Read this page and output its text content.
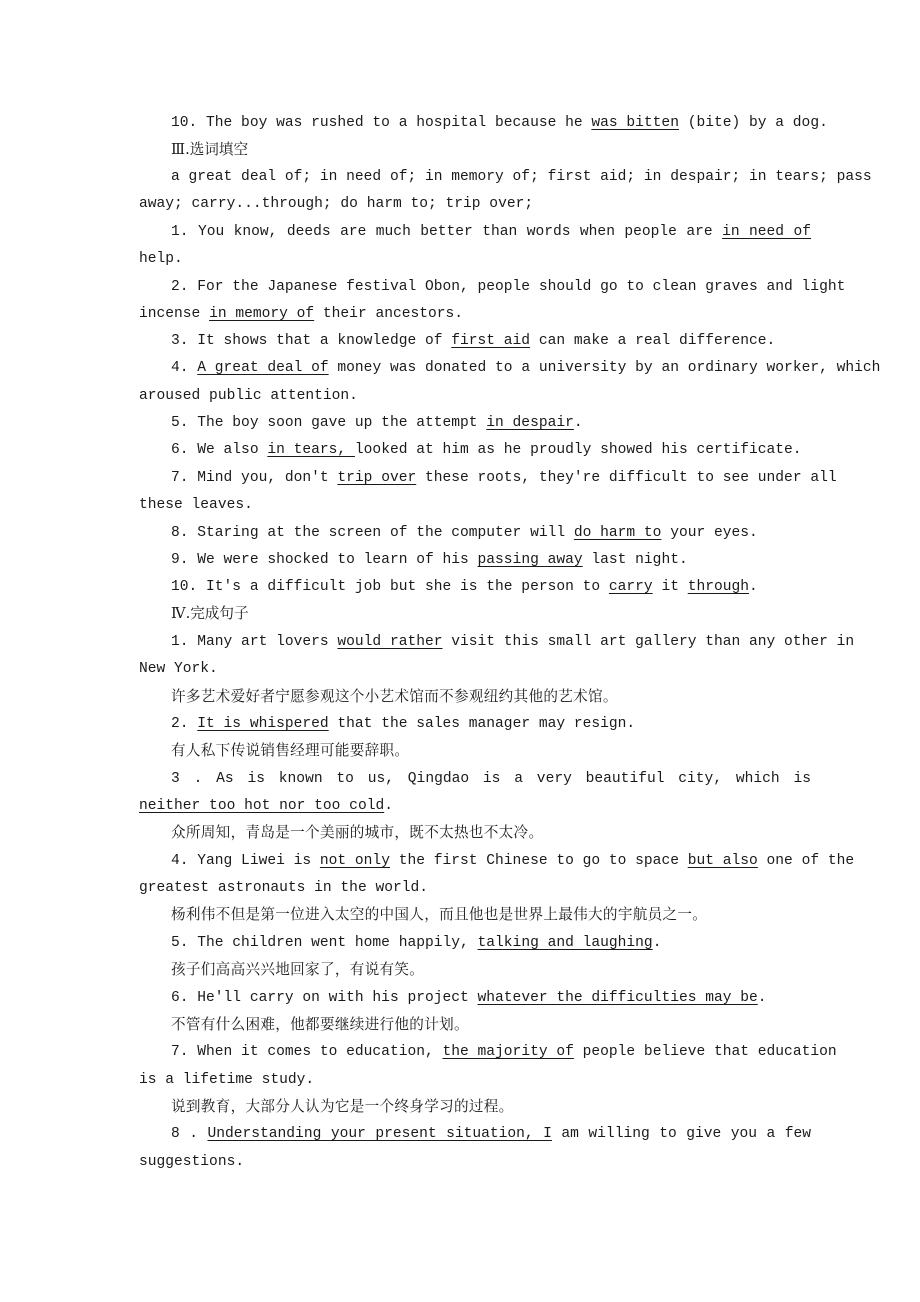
10. The boy was rushed to a hospital because he was bitten (bite) by a dog.
Ⅲ.选词填空
a great deal of; in need of; in memory of; first aid; in despair; in tears; pass
away; carry...through; do harm to; trip over;
1. You know, deeds are much better than words when people are in need of
help.
2. For the Japanese festival Obon, people should go to clean graves and light
incense in memory of their ancestors.
3. It shows that a knowledge of first aid can make a real difference.
4. A great deal of money was donated to a university by an ordinary worker, which
aroused public attention.
5. The boy soon gave up the attempt in despair.
6. We also in tears, looked at him as he proudly showed his certificate.
7. Mind you, don't trip over these roots, they're difficult to see under all
these leaves.
8. Staring at the screen of the computer will do harm to your eyes.
9. We were shocked to learn of his passing away last night.
10. It's a difficult job but she is the person to carry it through.
Ⅳ.完成句子
1. Many art lovers would rather visit this small art gallery than any other in
New York.
许多艺术爱好者宁愿参观这个小艺术馆而不参观纽约其他的艺术馆。
2. It is whispered that the sales manager may resign.
有人私下传说销售经理可能要辞职。
3 . As is known to us, Qingdao is a very beautiful city, which is
neither too hot nor too cold.
众所周知，青岛是一个美丽的城市，既不太热也不太冷。
4. Yang Liwei is not only the first Chinese to go to space but also one of the
greatest astronauts in the world.
杨利伟不但是第一位进入太空的中国人，而且他也是世界上最伟大的宇航员之一。
5. The children went home happily, talking and laughing.
孩子们高高兴兴地回家了，有说有笑。
6. He'll carry on with his project whatever the difficulties may be.
不管有什么困难，他都要继续进行他的计划。
7. When it comes to education, the majority of people believe that education
is a lifetime study.
说到教育，大部分人认为它是一个终身学习的过程。
8 . Understanding your present situation, I am willing to give you a few
suggestions.
